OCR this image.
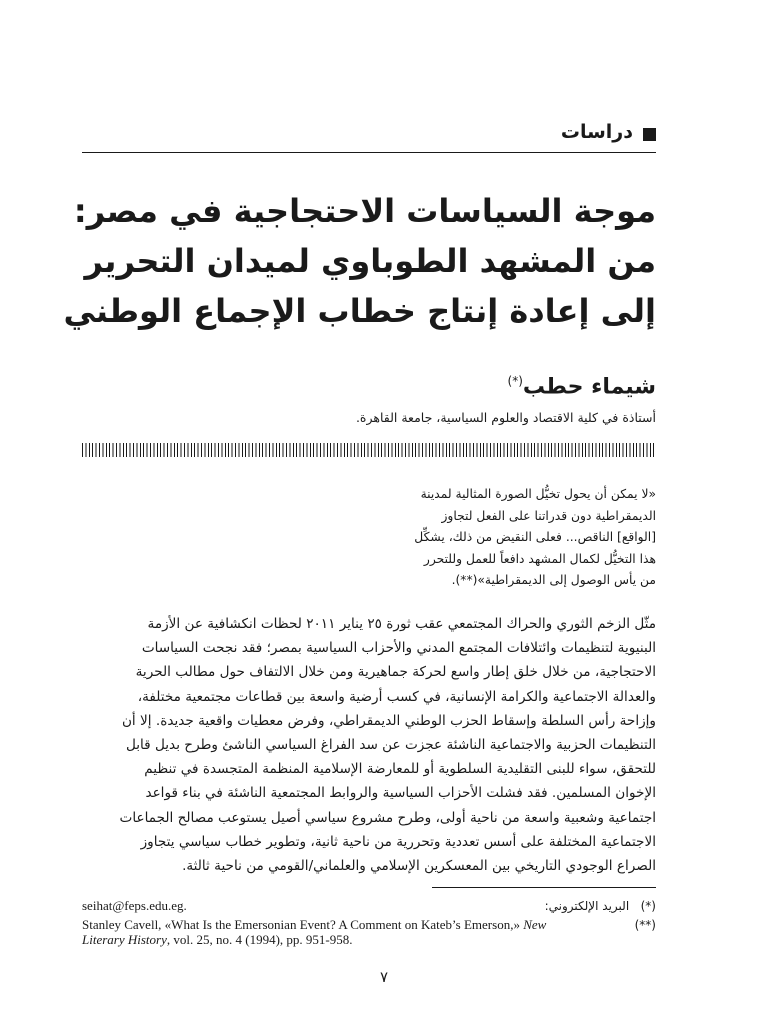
دراسات
موجة السياسات الاحتجاجية في مصر:
من المشهد الطوباوي لميدان التحرير
إلى إعادة إنتاج خطاب الإجماع الوطني
شيماء حطب(*)
أستاذة في كلية الاقتصاد والعلوم السياسية، جامعة القاهرة.
«لا يمكن أن يحول تخيُّل الصورة المثالية لمدينة
الديمقراطية دون قدراتنا على الفعل لتجاوز
[الواقع] الناقص... فعلى النقيض من ذلك، يشكِّل
هذا التخيُّل لكمال المشهد دافعاً للعمل وللتحرر
من يأس الوصول إلى الديمقراطية»(**).
مثّل الزخم الثوري والحراك المجتمعي عقب ثورة ٢٥ يناير ٢٠١١ لحظات انكشافية عن الأزمة
البنيوية لتنظيمات وائتلافات المجتمع المدني والأحزاب السياسية بمصر؛ فقد نجحت السياسات
الاحتجاجية، من خلال خلق إطار واسع لحركة جماهيرية ومن خلال الالتفاف حول مطالب الحرية
والعدالة الاجتماعية والكرامة الإنسانية، في كسب أرضية واسعة بين قطاعات مجتمعية مختلفة،
وإزاحة رأس السلطة وإسقاط الحزب الوطني الديمقراطي، وفرض معطيات واقعية جديدة. إلا أن
التنظيمات الحزبية والاجتماعية الناشئة عجزت عن سد الفراغ السياسي الناشئ وطرح بديل قابل
للتحقق، سواء للبنى التقليدية السلطوية أو للمعارضة الإسلامية المنظمة المتجسدة في تنظيم
الإخوان المسلمين. فقد فشلت الأحزاب السياسية والروابط المجتمعية الناشئة في بناء قواعد
اجتماعية وشعبية واسعة من ناحية أولى، وطرح مشروع سياسي أصيل يستوعب مصالح الجماعات
الاجتماعية المختلفة على أسس تعددية وتحررية من ناحية ثانية، وتطوير خطاب سياسي يتجاوز
الصراع الوجودي التاريخي بين المعسكرين الإسلامي والعلماني/القومي من ناحية ثالثة.
seihat@feps.edu.eg.	(*)   البريد الإلكتروني:
Stanley Cavell, «What Is the Emersonian Event? A Comment on Kateb’s Emerson,» New	(**)
Literary History, vol. 25, no. 4 (1994), pp. 951-958.
٧
